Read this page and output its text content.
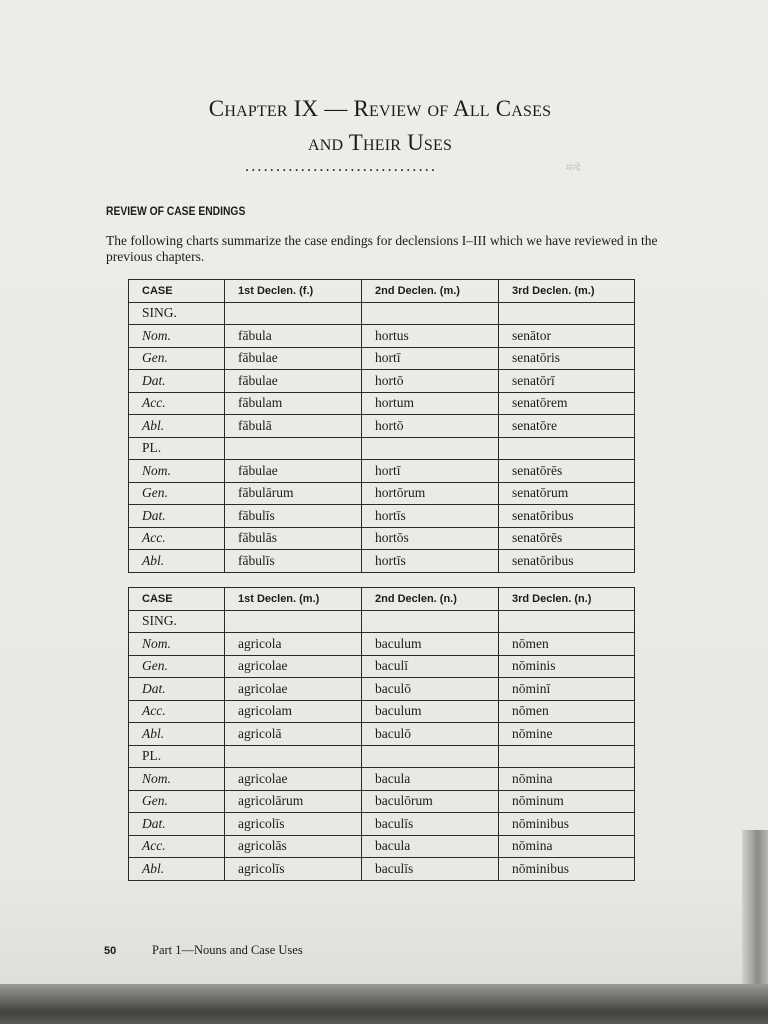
Chapter IX — Review of All Cases
and Their Uses
...............................	मन्दे
REVIEW OF CASE ENDINGS
The following charts summarize the case endings for declensions I–III which we have reviewed in the previous chapters.
CASE	1st Declen. (f.)	2nd Declen. (m.)	3rd Declen. (m.)
SING.			
Nom.	fābula	hortus	senātor
Gen.	fābulae	hortī	senatōris
Dat.	fābulae	hortō	senatōrī
Acc.	fābulam	hortum	senatōrem
Abl.	fābulā	hortō	senatōre
PL.			
Nom.	fābulae	hortī	senatōrēs
Gen.	fābulārum	hortōrum	senatōrum
Dat.	fābulīs	hortīs	senatōribus
Acc.	fābulās	hortōs	senatōrēs
Abl.	fābulīs	hortīs	senatōribus
CASE	1st Declen. (m.)	2nd Declen. (n.)	3rd Declen. (n.)
SING.			
Nom.	agricola	baculum	nōmen
Gen.	agricolae	baculī	nōminis
Dat.	agricolae	baculō	nōminī
Acc.	agricolam	baculum	nōmen
Abl.	agricolā	baculō	nōmine
PL.			
Nom.	agricolae	bacula	nōmina
Gen.	agricolārum	baculōrum	nōminum
Dat.	agricolīs	baculīs	nōminibus
Acc.	agricolās	bacula	nōmina
Abl.	agricolīs	baculīs	nōminibus
50	Part 1—Nouns and Case Uses
